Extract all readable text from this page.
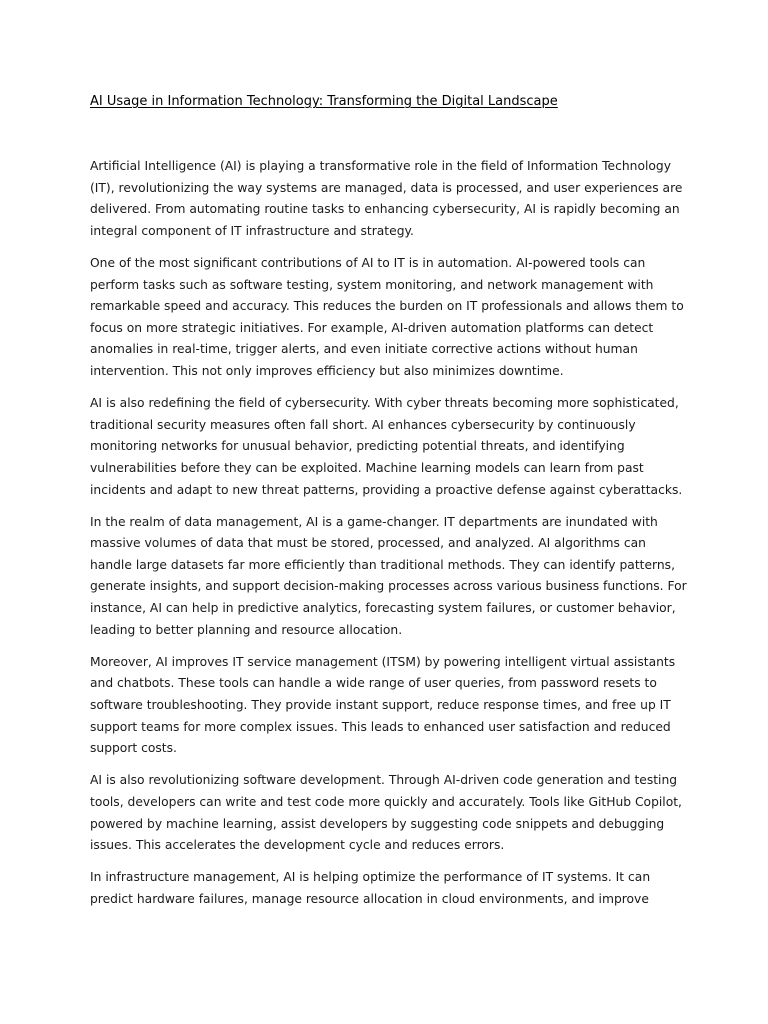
AI Usage in Information Technology: Transforming the Digital Landscape

Artificial Intelligence (AI) is playing a transformative role in the field of Information Technology
(IT), revolutionizing the way systems are managed, data is processed, and user experiences are
delivered. From automating routine tasks to enhancing cybersecurity, AI is rapidly becoming an
integral component of IT infrastructure and strategy.

One of the most significant contributions of AI to IT is in automation. AI-powered tools can
perform tasks such as software testing, system monitoring, and network management with
remarkable speed and accuracy. This reduces the burden on IT professionals and allows them to
focus on more strategic initiatives. For example, AI-driven automation platforms can detect
anomalies in real-time, trigger alerts, and even initiate corrective actions without human
intervention. This not only improves efficiency but also minimizes downtime.

AI is also redefining the field of cybersecurity. With cyber threats becoming more sophisticated,
traditional security measures often fall short. AI enhances cybersecurity by continuously
monitoring networks for unusual behavior, predicting potential threats, and identifying
vulnerabilities before they can be exploited. Machine learning models can learn from past
incidents and adapt to new threat patterns, providing a proactive defense against cyberattacks.

In the realm of data management, AI is a game-changer. IT departments are inundated with
massive volumes of data that must be stored, processed, and analyzed. AI algorithms can
handle large datasets far more efficiently than traditional methods. They can identify patterns,
generate insights, and support decision-making processes across various business functions. For
instance, AI can help in predictive analytics, forecasting system failures, or customer behavior,
leading to better planning and resource allocation.

Moreover, AI improves IT service management (ITSM) by powering intelligent virtual assistants
and chatbots. These tools can handle a wide range of user queries, from password resets to
software troubleshooting. They provide instant support, reduce response times, and free up IT
support teams for more complex issues. This leads to enhanced user satisfaction and reduced
support costs.

AI is also revolutionizing software development. Through AI-driven code generation and testing
tools, developers can write and test code more quickly and accurately. Tools like GitHub Copilot,
powered by machine learning, assist developers by suggesting code snippets and debugging
issues. This accelerates the development cycle and reduces errors.

In infrastructure management, AI is helping optimize the performance of IT systems. It can
predict hardware failures, manage resource allocation in cloud environments, and improve
